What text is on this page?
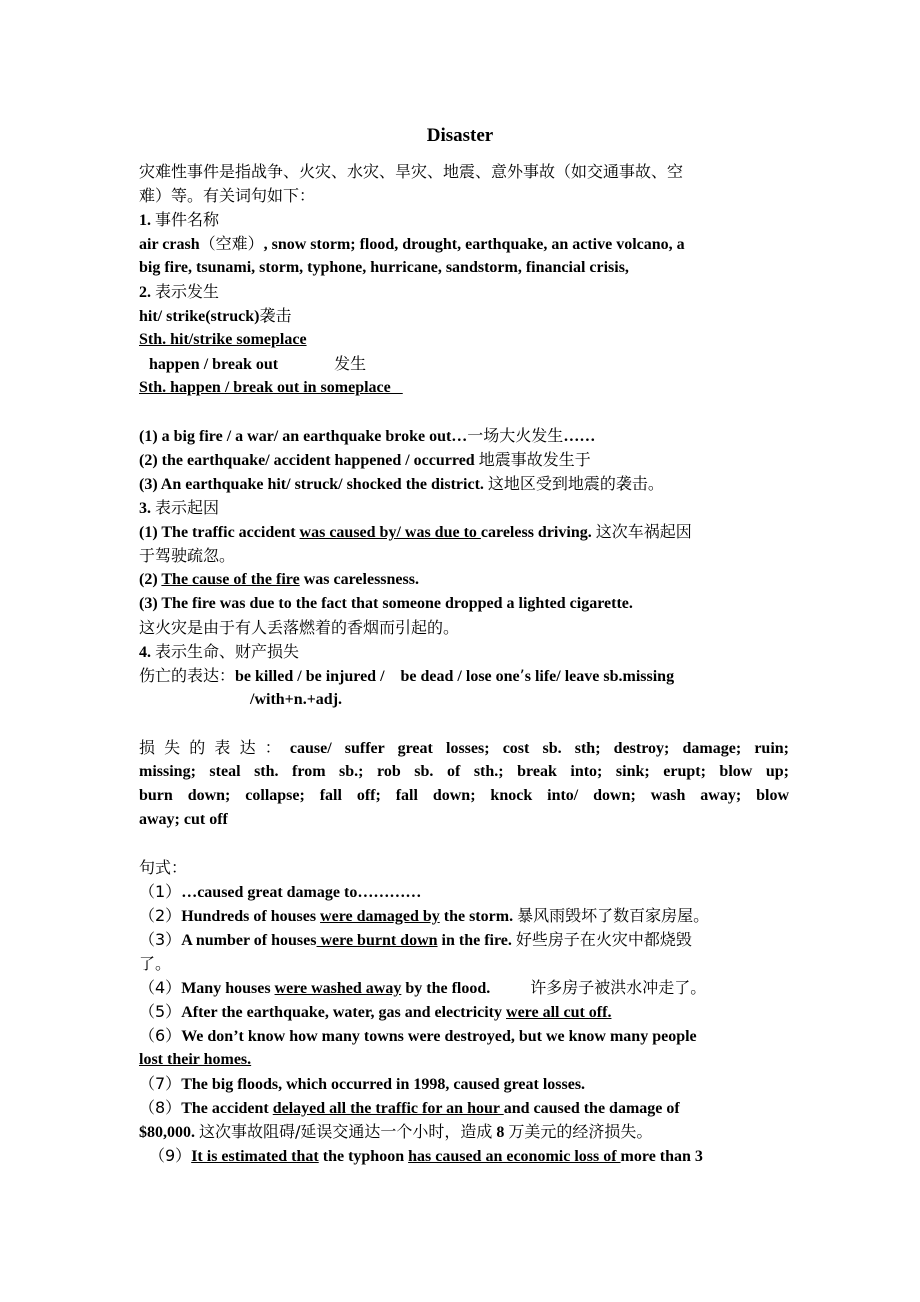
Disaster
灾难性事件是指战争、火灾、水灾、旱灾、地震、意外事故（如交通事故、空
难）等。有关词句如下：
1. 事件名称
air crash（空难）, snow storm; flood, drought, earthquake, an active volcano, a
big fire, tsunami, storm, typhone, hurricane, sandstorm, financial crisis,
2. 表示发生
hit/ strike(struck)袭击
Sth. hit/strike someplace
happen / break out	发生
Sth. happen / break out in someplace
(1) a big fire / a war/ an earthquake broke out…一场大火发生……
(2) the earthquake/ accident happened / occurred 地震事故发生于
(3) An earthquake hit/ struck/ shocked the district. 这地区受到地震的袭击。
3. 表示起因
(1) The traffic accident was caused by/ was due to careless driving. 这次车祸起因
于驾驶疏忽。
(2) The cause of the fire was carelessness.
(3) The fire was due to the fact that someone dropped a lighted cigarette.
这火灾是由于有人丢落燃着的香烟而引起的。
4. 表示生命、财产损失
伤亡的表达：be killed / be injured /    be dead / lose one’s life/ leave sb.missing
/with+n.+adj.
损失的表达：cause/ suffer great losses; cost sb. sth; destroy; damage; ruin;
missing; steal sth. from sb.; rob sb. of sth.; break into; sink; erupt; blow up;
burn down; collapse; fall off; fall down; knock into/ down; wash away; blow
away; cut off
句式：
（1）…caused great damage to…………
（2）Hundreds of houses were damaged by the storm. 暴风雨毁坏了数百家房屋。
（3）A number of houses were burnt down in the fire. 好些房子在火灾中都烧毁
了。
（4）Many houses were washed away by the flood.          许多房子被洪水冲走了。
（5）After the earthquake, water, gas and electricity were all cut off.
（6）We don’t know how many towns were destroyed, but we know many people
lost their homes.
（7）The big floods, which occurred in 1998, caused great losses.
（8）The accident delayed all the traffic for an hour and caused the damage of
$80,000. 这次事故阻碍/延误交通达一个小时，造成 8 万美元的经济损失。
（9）It is estimated that the typhoon has caused an economic loss of more than 3
